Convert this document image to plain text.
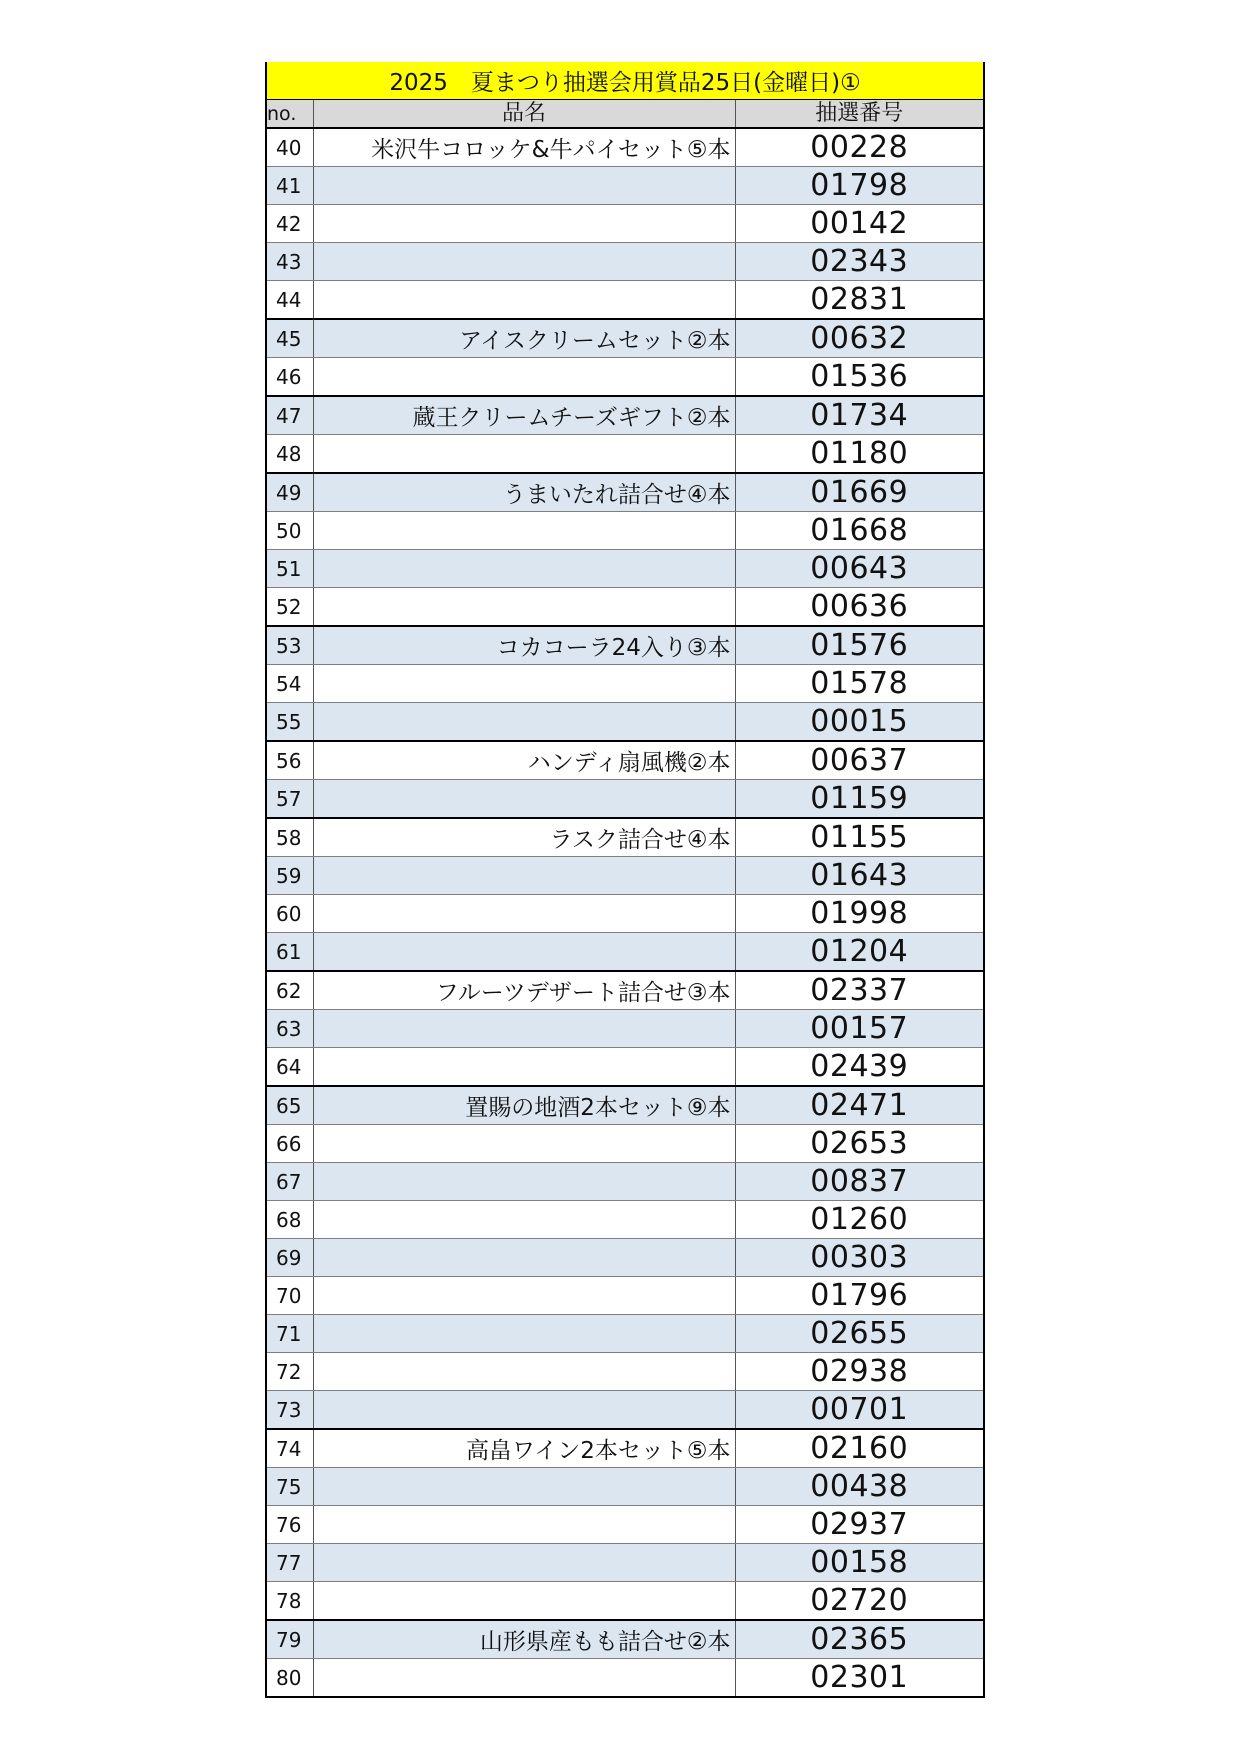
2025　夏まつり抽選会用賞品25日(金曜日)①		
no.	品名	抽選番号
40	米沢牛コロッケ&牛パイセット⑤本	00228
41		01798
42		00142
43		02343
44		02831
45	アイスクリームセット②本	00632
46		01536
47	蔵王クリームチーズギフト②本	01734
48		01180
49	うまいたれ詰合せ④本	01669
50		01668
51		00643
52		00636
53	コカコーラ24入り③本	01576
54		01578
55		00015
56	ハンディ扇風機②本	00637
57		01159
58	ラスク詰合せ④本	01155
59		01643
60		01998
61		01204
62	フルーツデザート詰合せ③本	02337
63		00157
64		02439
65	置賜の地酒2本セット⑨本	02471
66		02653
67		00837
68		01260
69		00303
70		01796
71		02655
72		02938
73		00701
74	高畠ワイン2本セット⑤本	02160
75		00438
76		02937
77		00158
78		02720
79	山形県産もも詰合せ②本	02365
80		02301
